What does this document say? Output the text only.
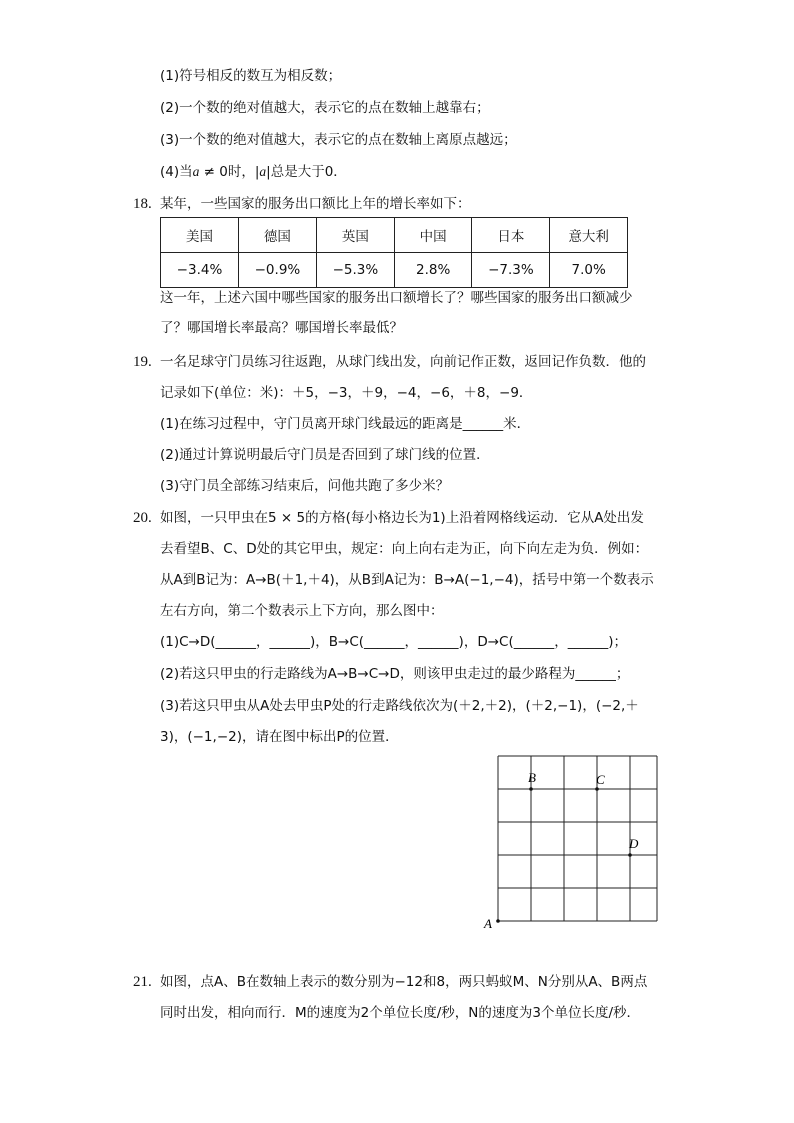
(1)符号相反的数互为相反数；
(2)一个数的绝对值越大，表示它的点在数轴上越靠右；
(3)一个数的绝对值越大，表示它的点在数轴上离原点越远；
(4)当a ≠ 0时，|a|总是大于0．
18. 某年，一些国家的服务出口额比上年的增长率如下：
美国	德国	英国	中国	日本	意大利
−3.4%	−0.9%	−5.3%	2.8%	−7.3%	7.0%
这一年，上述六国中哪些国家的服务出口额增长了？哪些国家的服务出口额减少
了？哪国增长率最高？哪国增长率最低？
19. 一名足球守门员练习往返跑，从球门线出发，向前记作正数，返回记作负数．他的
记录如下(单位：米)：＋5，−3，＋9，−4，−6，＋8，−9．
(1)在练习过程中，守门员离开球门线最远的距离是______米．
(2)通过计算说明最后守门员是否回到了球门线的位置．
(3)守门员全部练习结束后，问他共跑了多少米？
20. 如图，一只甲虫在5 × 5的方格(每小格边长为1)上沿着网格线运动．它从A处出发
去看望B、C、D处的其它甲虫，规定：向上向右走为正，向下向左走为负．例如：
从A到B记为：A→B(＋1,＋4)，从B到A记为：B→A(−1,−4)，括号中第一个数表示
左右方向，第二个数表示上下方向，那么图中：
(1)C→D(______，______)，B→C(______，______)，D→C(______，______)；
(2)若这只甲虫的行走路线为A→B→C→D，则该甲虫走过的最少路程为______；
(3)若这只甲虫从A处去甲虫P处的行走路线依次为(＋2,＋2)，(＋2,−1)，(−2,＋
3)，(−1,−2)，请在图中标出P的位置．
A
B	C
D
21. 如图，点A、B在数轴上表示的数分别为−12和8，两只蚂蚁M、N分别从A、B两点
同时出发，相向而行．M的速度为2个单位长度/秒，N的速度为3个单位长度/秒．
